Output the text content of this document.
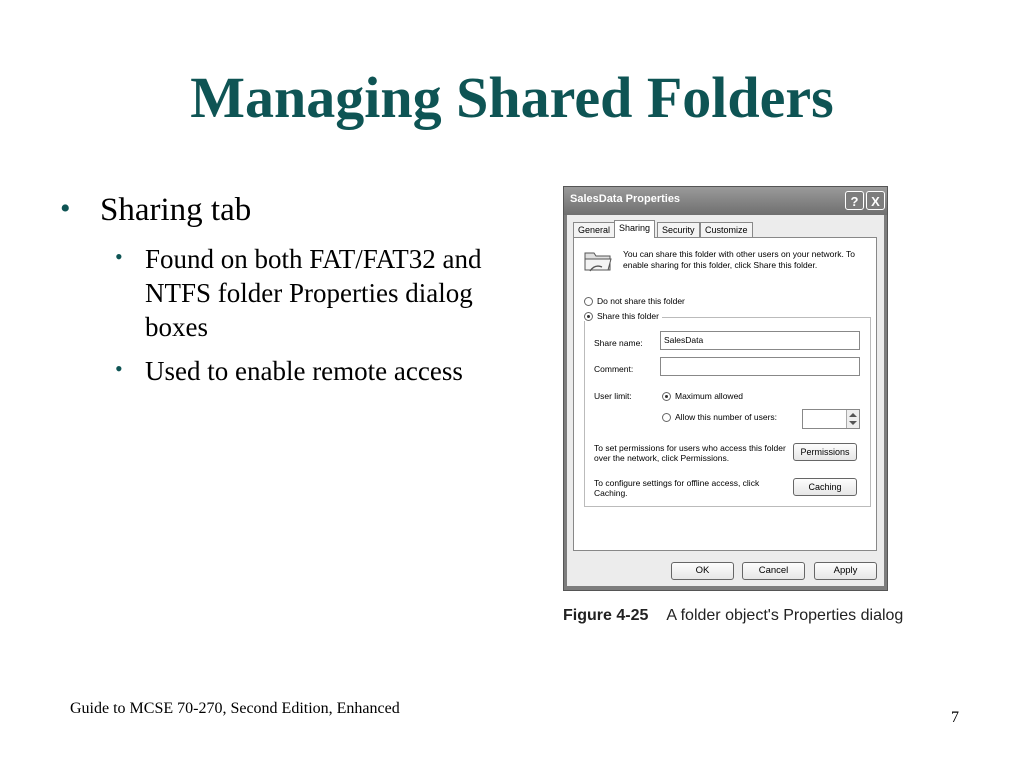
Managing Shared Folders
• Sharing tab
• Found on both FAT/FAT32 and NTFS folder Properties dialog boxes
• Used to enable remote access
SalesData Properties	? X
General Sharing	Security	Customize
You can share this folder with other users on your network. To enable sharing for this folder, click Share this folder.
Do not share this folder
Share this folder
Share name:	SalesData
Comment:
User limit:	Maximum allowed
Allow this number of users:
To set permissions for users who access this folder over the network, click Permissions.
Permissions
To configure settings for offline access, click Caching.
Caching
OK	Cancel	Apply
Figure 4-25 A folder object's Properties dialog
Guide to MCSE 70-270, Second Edition, Enhanced
7
